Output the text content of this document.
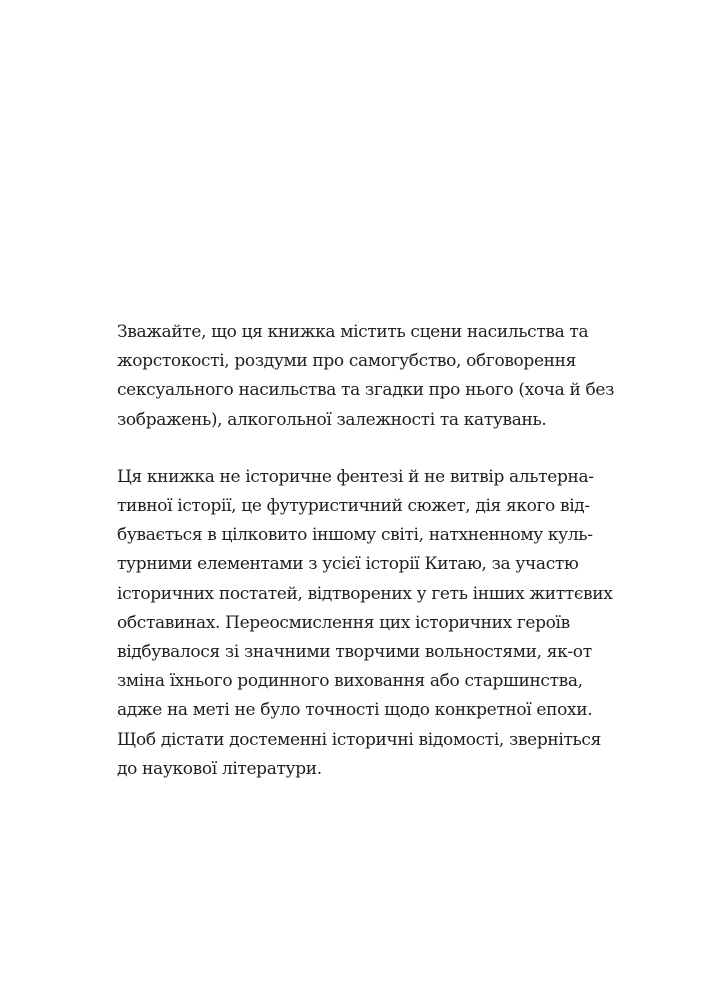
Зважайте, що ця книжка містить сцени насильства та
жорстокості, роздуми про самогубство, обговорення
сексуального насильства та згадки про нього (хоча й без
зображень), алкогольної залежності та катувань.

Ця книжка не історичне фентезі й не витвір альтерна-
тивної історії, це футуристичний сюжет, дія якого від-
бувається в цілковито іншому світі, натхненному куль-
турними елементами з усієї історії Китаю, за участю
історичних постатей, відтворених у геть інших життєвих
обставинах. Переосмислення цих історичних героїв
відбувалося зі значними творчими вольностями, як-от
зміна їхнього родинного виховання або старшинства,
адже на меті не було точності щодо конкретної епохи.
Щоб дістати достеменні історичні відомості, зверніться
до наукової літератури.
